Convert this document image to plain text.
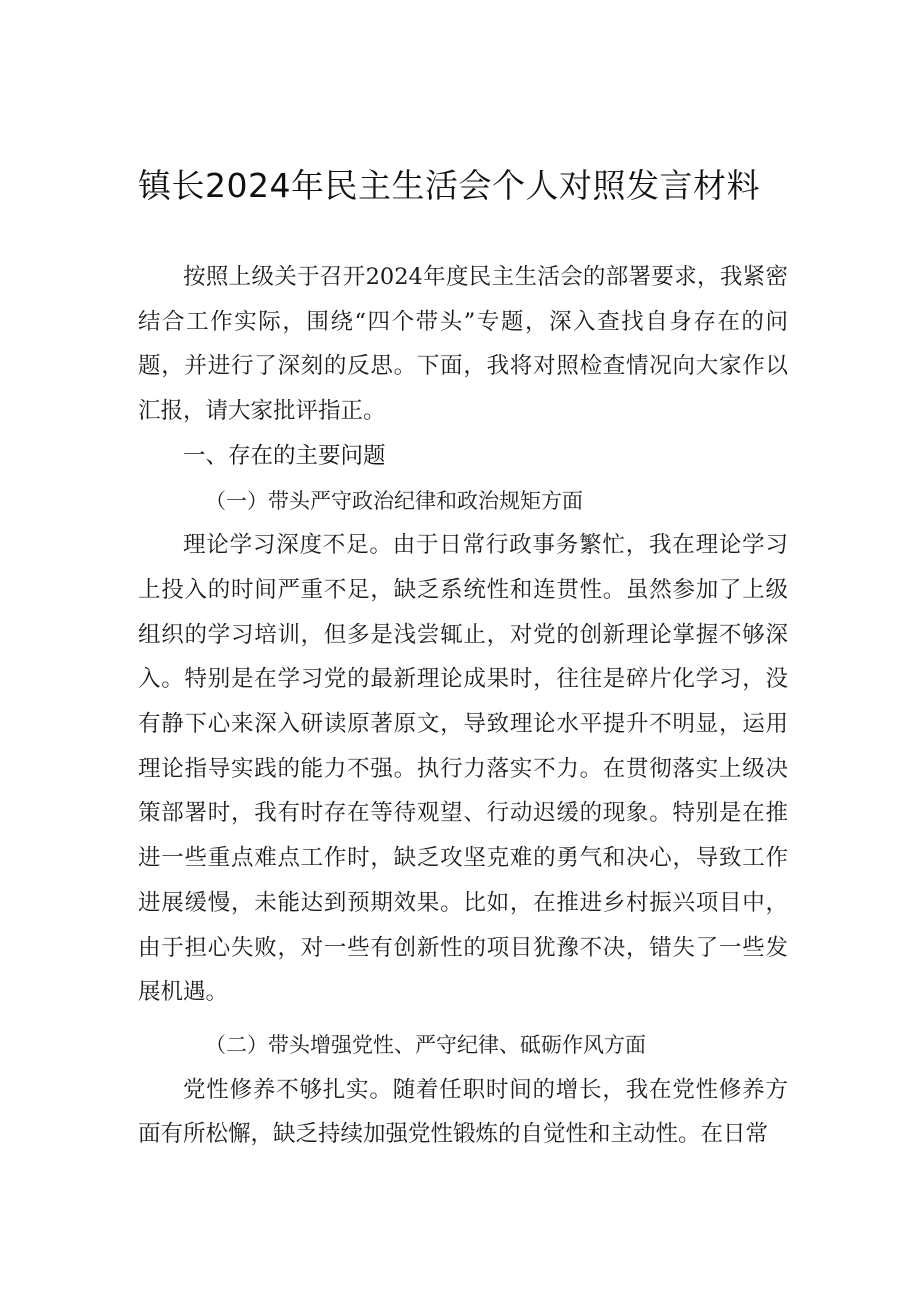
镇长2024年民主生活会个人对照发言材料

按照上级关于召开2024年度民主生活会的部署要求，我紧密结合工作实际，围绕“四个带头”专题，深入查找自身存在的问题，并进行了深刻的反思。下面，我将对照检查情况向大家作以汇报，请大家批评指正。

一、存在的主要问题

（一）带头严守政治纪律和政治规矩方面

理论学习深度不足。由于日常行政事务繁忙，我在理论学习上投入的时间严重不足，缺乏系统性和连贯性。虽然参加了上级组织的学习培训，但多是浅尝辄止，对党的创新理论掌握不够深入。特别是在学习党的最新理论成果时，往往是碎片化学习，没有静下心来深入研读原著原文，导致理论水平提升不明显，运用理论指导实践的能力不强。执行力落实不力。在贯彻落实上级决策部署时，我有时存在等待观望、行动迟缓的现象。特别是在推进一些重点难点工作时，缺乏攻坚克难的勇气和决心，导致工作进展缓慢，未能达到预期效果。比如，在推进乡村振兴项目中，由于担心失败，对一些有创新性的项目犹豫不决，错失了一些发展机遇。

（二）带头增强党性、严守纪律、砥砺作风方面

党性修养不够扎实。随着任职时间的增长，我在党性修养方面有所松懈，缺乏持续加强党性锻炼的自觉性和主动性。在日常
